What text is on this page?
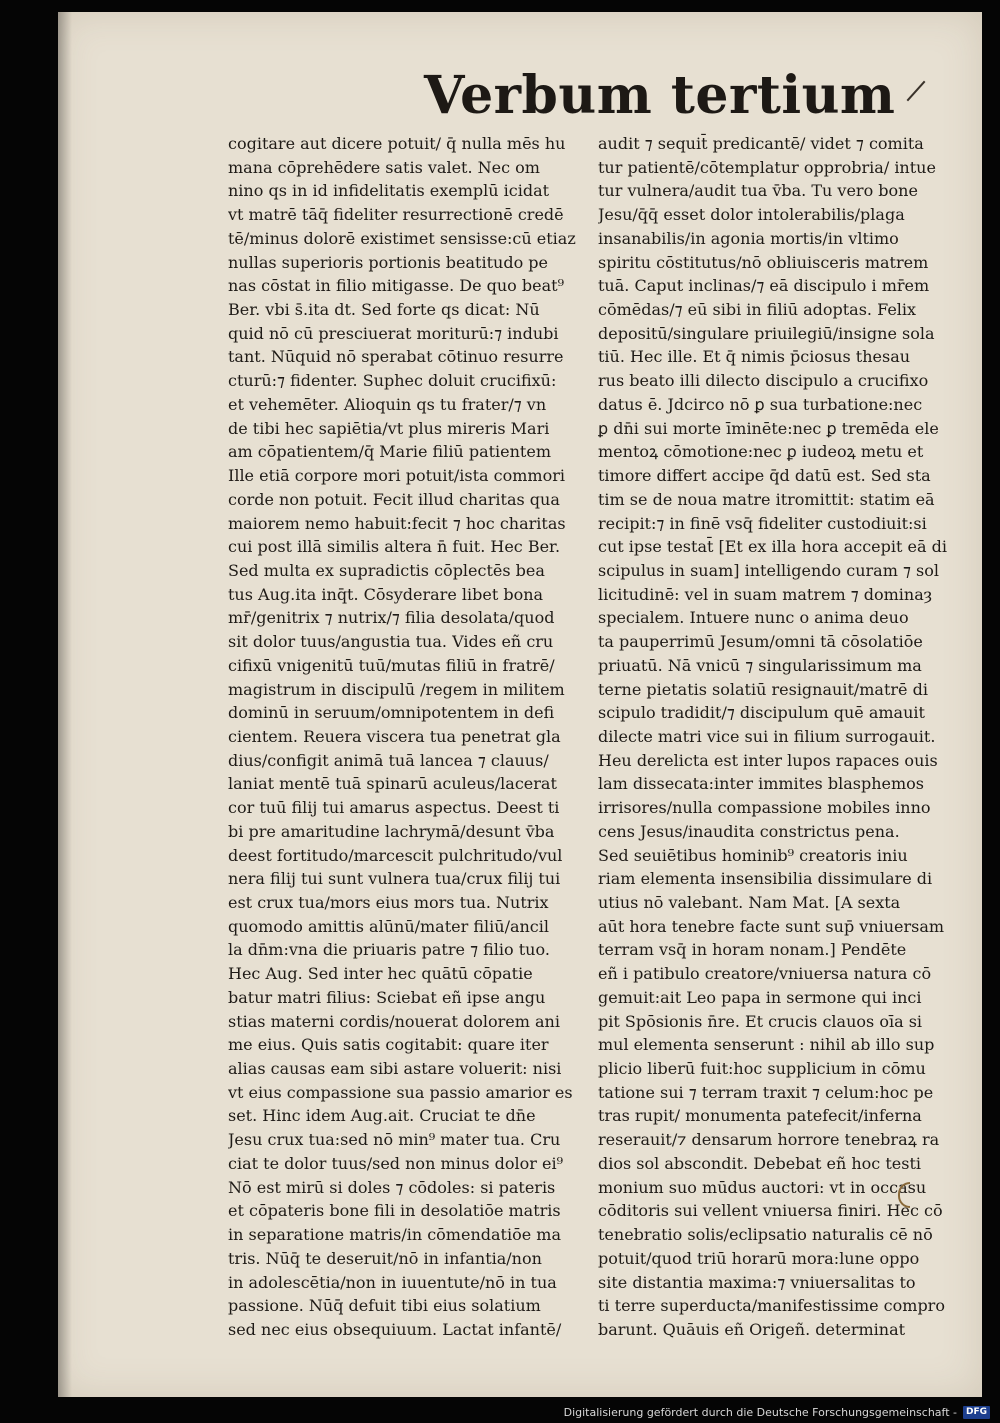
Verbum tertium
cogitare aut dicere potuit/ q̄ nulla mēs hu
mana cōprehēdere satis valet. Nec om
nino qs in id infidelitatis exemplū icidat
vt matrē tāq̄ fideliter resurrectionē credē
tē/minus dolorē existimet sensisse:cū etiaz
nullas superioris portionis beatitudo pe
nas cōstat in filio mitigasse. De quo beat⁹
Ber. vbi s̄.ita dt. Sed forte qs dicat: Nū
quid nō cū presciuerat moriturū:⁊ indubi
tant. Nūquid nō sperabat cōtinuo resurre
cturū:⁊ fidenter. Suphec doluit crucifixū:
et vehemēter. Alioquin qs tu frater/⁊ vn
de tibi hec sapiētia/vt plus mireris Mari
am cōpatientem/q̄ Marie filiū patientem
Ille etiā corpore mori potuit/ista commori
corde non potuit. Fecit illud charitas qua
maiorem nemo habuit:fecit ⁊ hoc charitas
cui post illā similis altera n̄ fuit. Hec Ber.
Sed multa ex supradictis cōplectēs bea
tus Aug.ita inq̄t. Cōsyderare libet bona
mr̄/genitrix ⁊ nutrix/⁊ filia desolata/quod
sit dolor tuus/angustia tua. Vides eñ cru
cifixū vnigenitū tuū/mutas filiū in fratrē/
magistrum in discipulū /regem in militem
dominū in seruum/omnipotentem in defi
cientem. Reuera viscera tua penetrat gla
dius/configit animā tuā lancea ⁊ clauus/
laniat mentē tuā spinarū aculeus/lacerat
cor tuū filij tui amarus aspectus. Deest ti
bi pre amaritudine lachrymā/desunt v̄ba
deest fortitudo/marcescit pulchritudo/vul
nera filij tui sunt vulnera tua/crux filij tui
est crux tua/mors eius mors tua. Nutrix
quomodo amittis alūnū/mater filiū/ancil
la dn̄m:vna die priuaris patre ⁊ filio tuo.
Hec Aug. Sed inter hec quātū cōpatie
batur matri filius: Sciebat eñ ipse angu
stias materni cordis/nouerat dolorem ani
me eius. Quis satis cogitabit: quare iter
alias causas eam sibi astare voluerit: nisi
vt eius compassione sua passio amarior es
set. Hinc idem Aug.ait. Cruciat te dn̄e
Jesu crux tua:sed nō min⁹ mater tua. Cru
ciat te dolor tuus/sed non minus dolor ei⁹
Nō est mirū si doles ⁊ cōdoles: si pateris
et cōpateris bone fili in desolatiōe matris
in separatione matris/in cōmendatiōe ma
tris. Nūq̄ te deseruit/nō in infantia/non
in adolescētia/non in iuuentute/nō in tua
passione. Nūq̄ defuit tibi eius solatium
sed nec eius obsequiuum. Lactat infantē/
audit ⁊ sequit̄ predicantē/ videt ⁊ comita
tur patientē/cōtemplatur opprobria/ intue
tur vulnera/audit tua v̄ba. Tu vero bone
Jesu/q̄q̄ esset dolor intolerabilis/plaga
insanabilis/in agonia mortis/in vltimo
spiritu cōstitutus/nō obliuisceris matrem
tuā. Caput inclinas/⁊ eā discipulo i mr̄em
cōmēdas/⁊ eū sibi in filiū adoptas. Felix
depositū/singulare priuilegiū/insigne sola
tiū. Hec ille. Et q̄ nimis p̄ciosus thesau
rus beato illi dilecto discipulo a crucifixo
datus ē. Jdcirco nō ꝑ sua turbatione:nec
ꝑ dn̄i sui morte īminēte:nec ꝑ tremēda ele
mentoꝝ cōmotione:nec ꝑ iudeoꝝ metu et
timore differt accipe q̄d datū est. Sed sta
tim se de noua matre itromittit: statim eā
recipit:⁊ in finē vsq̄ fideliter custodiuit:si
cut ipse testat̄ [Et ex illa hora accepit eā di
scipulus in suam] intelligendo curam ⁊ sol
licitudinē: vel in suam matrem ⁊ dominaȝ
specialem. Intuere nunc o anima deuo
ta pauperrimū Jesum/omni tā cōsolatiōe
priuatū. Nā vnicū ⁊ singularissimum ma
terne pietatis solatiū resignauit/matrē di
scipulo tradidit/⁊ discipulum quē amauit
dilecte matri vice sui in filium surrogauit.
Heu derelicta est inter lupos rapaces ouis
lam dissecata:inter immites blasphemos
irrisores/nulla compassione mobiles inno
cens Jesus/inaudita constrictus pena.
Sed seuiētibus hominib⁹ creatoris iniu
riam elementa insensibilia dissimulare di
utius nō valebant. Nam Mat. [A sexta
aūt hora tenebre facte sunt sup̄ vniuersam
terram vsq̄ in horam nonam.] Pendēte
eñ i patibulo creatore/vniuersa natura cō
gemuit:ait Leo papa in sermone qui inci
pit Spōsionis n̄re. Et crucis clauos oīa si
mul elementa senserunt : nihil ab illo sup
plicio liberū fuit:hoc supplicium in cōmu
tatione sui ⁊ terram traxit ⁊ celum:hoc pe
tras rupit/ monumenta patefecit/inferna
reserauit/⁊ densarum horrore tenebraꝝ ra
dios sol abscondit. Debebat eñ hoc testi
monium suo mūdus auctori: vt in occasu
cōditoris sui vellent vniuersa finiri. Hec cō
tenebratio solis/eclipsatio naturalis cē nō
potuit/quod triū horarū mora:lune oppo
site distantia maxima:⁊ vniuersalitas to
ti terre superducta/manifestissime compro
barunt. Quāuis eñ Origeñ. determinat
Digitalisierung gefördert durch die Deutsche Forschungsgemeinschaft -	DFG
